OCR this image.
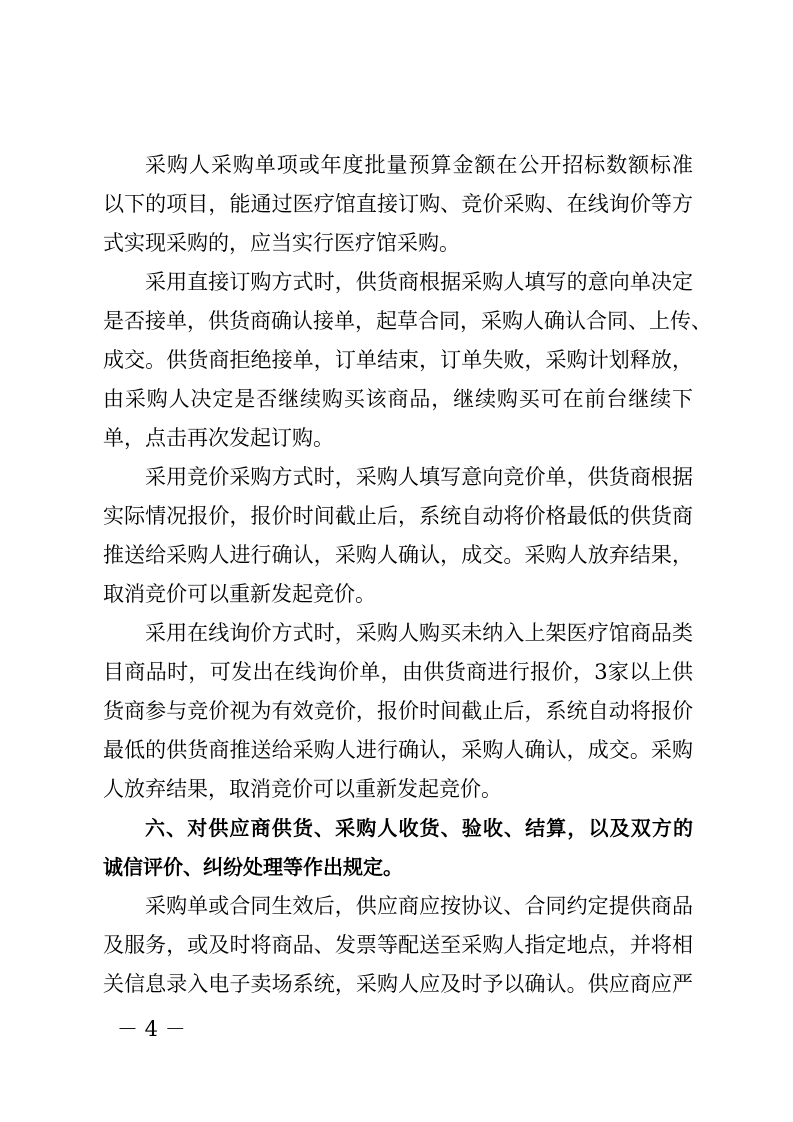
采购人采购单项或年度批量预算金额在公开招标数额标准
以下的项目，能通过医疗馆直接订购、竞价采购、在线询价等方
式实现采购的，应当实行医疗馆采购。
采用直接订购方式时，供货商根据采购人填写的意向单决定
是否接单，供货商确认接单，起草合同，采购人确认合同、上传、
成交。供货商拒绝接单，订单结束，订单失败，采购计划释放，
由采购人决定是否继续购买该商品，继续购买可在前台继续下
单，点击再次发起订购。
采用竞价采购方式时，采购人填写意向竞价单，供货商根据
实际情况报价，报价时间截止后，系统自动将价格最低的供货商
推送给采购人进行确认，采购人确认，成交。采购人放弃结果，
取消竞价可以重新发起竞价。
采用在线询价方式时，采购人购买未纳入上架医疗馆商品类
目商品时，可发出在线询价单，由供货商进行报价，3家以上供
货商参与竞价视为有效竞价，报价时间截止后，系统自动将报价
最低的供货商推送给采购人进行确认，采购人确认，成交。采购
人放弃结果，取消竞价可以重新发起竞价。
六、对供应商供货、采购人收货、验收、结算，以及双方的
诚信评价、纠纷处理等作出规定。
采购单或合同生效后，供应商应按协议、合同约定提供商品
及服务，或及时将商品、发票等配送至采购人指定地点，并将相
关信息录入电子卖场系统，采购人应及时予以确认。供应商应严
－ 4 －
